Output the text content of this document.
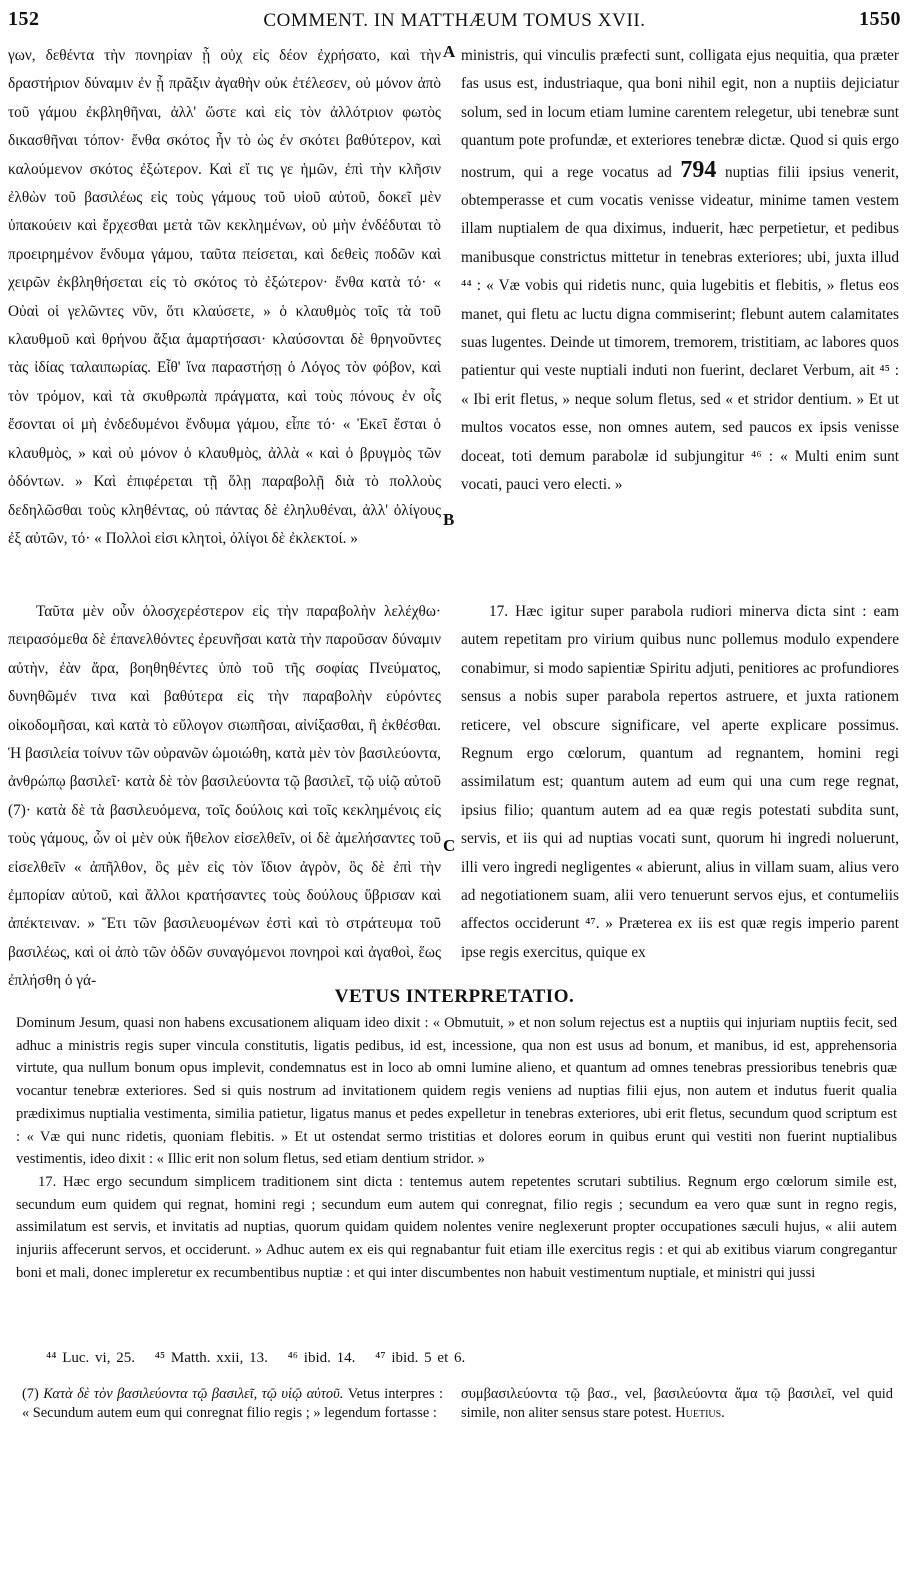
152	COMMENT. IN MATTHÆUM TOMUS XVII.	1550

γων, δεθέντα τὴν πονηρίαν ᾗ οὐχ εἰς δέον ἐχρήσατο, καὶ τὴν δραστήριον δύναμιν ἐν ᾗ πρᾶξιν ἀγαθὴν οὐκ ἐτέλεσεν, οὐ μόνον ἀπὸ τοῦ γάμου ἐκβληθῆναι, ἀλλ' ὥστε καὶ εἰς τὸν ἀλλότριον φωτὸς δικασθῆναι τόπον· ἔνθα σκότος ἦν τὸ ὡς ἐν σκότει βαθύτερον, καὶ καλούμενον σκότος ἐξώτερον. Καὶ εἴ τις γε ἡμῶν, ἐπὶ τὴν κλῆσιν ἐλθὼν τοῦ βασιλέως εἰς τοὺς γάμους τοῦ υἱοῦ αὐτοῦ, δοκεῖ μὲν ὑπακούειν καὶ ἔρχεσθαι μετὰ τῶν κεκλημένων, οὐ μὴν ἐνδέδυται τὸ προειρημένον ἔνδυμα γάμου, ταῦτα πείσεται, καὶ δεθεὶς ποδῶν καὶ χειρῶν ἐκβληθήσεται εἰς τὸ σκότος τὸ ἐξώτερον· ἔνθα κατὰ τό· « Οὐαὶ οἱ γελῶντες νῦν, ὅτι κλαύσετε, » ὁ κλαυθμὸς τοῖς τὰ τοῦ κλαυθμοῦ καὶ θρήνου ἄξια ἁμαρτήσασι· κλαύσονται δὲ θρηνοῦντες τὰς ἰδίας ταλαιπωρίας. Εἶθ' ἵνα παραστήσῃ ὁ Λόγος τὸν φόβον, καὶ τὸν τρόμον, καὶ τὰ σκυθρωπὰ πράγματα, καὶ τοὺς πόνους ἐν οἷς ἔσονται οἱ μὴ ἐνδεδυμένοι ἔνδυμα γάμου, εἶπε τό· « Ἐκεῖ ἔσται ὁ κλαυθμὸς, » καὶ οὐ μόνον ὁ κλαυθμὸς, ἀλλὰ « καὶ ὁ βρυγμὸς τῶν ὀδόντων. » Καὶ ἐπιφέρεται τῇ ὅλῃ παραβολῇ διὰ τὸ πολλοὺς δεδηλῶσθαι τοὺς κληθέντας, οὐ πάντας δὲ ἐληλυθέναι, ἀλλ' ὀλίγους ἐξ αὐτῶν, τό· « Πολλοὶ εἰσι κλητοὶ, ὀλίγοι δὲ ἐκλεκτοί. »

ministris, qui vinculis præfecti sunt, colligata ejus nequitia, qua præter fas usus est, industriaque, qua boni nihil egit, non a nuptiis dejiciatur solum, sed in locum etiam lumine carentem relegetur, ubi tenebræ sunt quantum pote profundæ, et exteriores tenebræ dictæ. Quod si quis ergo nostrum, qui a rege vocatus ad 794 nuptias filii ipsius venerit, obtemperasse et cum vocatis venisse videatur, minime tamen vestem illam nuptialem de qua diximus, induerit, hæc perpetietur, et pedibus manibusque constrictus mittetur in tenebras exteriores; ubi, juxta illud ⁴⁴ : « Væ vobis qui ridetis nunc, quia lugebitis et flebitis, » fletus eos manet, qui fletu ac luctu digna commiserint; flebunt autem calamitates suas lugentes. Deinde ut timorem, tremorem, tristitiam, ac labores quos patientur qui veste nuptiali induti non fuerint, declaret Verbum, ait ⁴⁵ : « Ibi erit fletus, » neque solum fletus, sed « et stridor dentium. » Et ut multos vocatos esse, non omnes autem, sed paucos ex ipsis venisse doceat, toti demum parabolæ id subjungitur ⁴⁶ : « Multi enim sunt vocati, pauci vero electi. »

A
B
C

Ταῦτα μὲν οὖν ὁλοσχερέστερον εἰς τὴν παραβολὴν λελέχθω· πειρασόμεθα δὲ ἐπανελθόντες ἐρευνῆσαι κατὰ τὴν παροῦσαν δύναμιν αὐτὴν, ἐὰν ἄρα, βοηθηθέντες ὑπὸ τοῦ τῆς σοφίας Πνεύματος, δυνηθῶμέν τινα καὶ βαθύτερα εἰς τὴν παραβολὴν εὑρόντες οἰκοδομῆσαι, καὶ κατὰ τὸ εὔλογον σιωπῆσαι, αἰνίξασθαι, ἢ ἐκθέσθαι. Ἡ βασιλεία τοίνυν τῶν οὐρανῶν ὡμοιώθη, κατὰ μὲν τὸν βασιλεύοντα, ἀνθρώπῳ βασιλεῖ· κατὰ δὲ τὸν βασιλεύοντα τῷ βασιλεῖ, τῷ υἱῷ αὐτοῦ (7)· κατὰ δὲ τὰ βασιλευόμενα, τοῖς δούλοις καὶ τοῖς κεκλημένοις εἰς τοὺς γάμους, ὧν οἱ μὲν οὐκ ἤθελον εἰσελθεῖν, οἱ δὲ ἀμελήσαντες τοῦ εἰσελθεῖν « ἀπῆλθον, ὃς μὲν εἰς τὸν ἴδιον ἀγρὸν, ὃς δὲ ἐπὶ τὴν ἐμπορίαν αὐτοῦ, καὶ ἄλλοι κρατήσαντες τοὺς δούλους ὕβρισαν καὶ ἀπέκτειναν. » Ἔτι τῶν βασιλευομένων ἐστὶ καὶ τὸ στράτευμα τοῦ βασιλέως, καὶ οἱ ἀπὸ τῶν ὁδῶν συναγόμενοι πονηροὶ καὶ ἀγαθοὶ, ἕως ἐπλήσθη ὁ γά-

17. Hæc igitur super parabola rudiori minerva dicta sint : eam autem repetitam pro virium quibus nunc pollemus modulo expendere conabimur, si modo sapientiæ Spiritu adjuti, penitiores ac profundiores sensus a nobis super parabola repertos astruere, et juxta rationem reticere, vel obscure significare, vel aperte explicare possimus. Regnum ergo cœlorum, quantum ad regnantem, homini regi assimilatum est; quantum autem ad eum qui una cum rege regnat, ipsius filio; quantum autem ad ea quæ regis potestati subdita sunt, servis, et iis qui ad nuptias vocati sunt, quorum hi ingredi noluerunt, illi vero ingredi negligentes « abierunt, alius in villam suam, alius vero ad negotiationem suam, alii vero tenuerunt servos ejus, et contumeliis affectos occiderunt ⁴⁷. » Præterea ex iis est quæ regis imperio parent ipse regis exercitus, quique ex

VETUS INTERPRETATIO.

Dominum Jesum, quasi non habens excusationem aliquam ideo dixit : « Obmutuit, » et non solum rejectus est a nuptiis qui injuriam nuptiis fecit, sed adhuc a ministris regis super vincula constitutis, ligatis pedibus, id est, incessione, qua non est usus ad bonum, et manibus, id est, apprehensoria virtute, qua nullum bonum opus implevit, condemnatus est in loco ab omni lumine alieno, et quantum ad omnes tenebras pressioribus tenebris quæ vocantur tenebræ exteriores. Sed si quis nostrum ad invitationem quidem regis veniens ad nuptias filii ejus, non autem et indutus fuerit qualia prædiximus nuptialia vestimenta, similia patietur, ligatus manus et pedes expelletur in tenebras exteriores, ubi erit fletus, secundum quod scriptum est : « Væ qui nunc ridetis, quoniam flebitis. » Et ut ostendat sermo tristitias et dolores eorum in quibus erunt qui vestiti non fuerint nuptialibus vestimentis, ideo dixit : « Illic erit non solum fletus, sed etiam dentium stridor. »

17. Hæc ergo secundum simplicem traditionem sint dicta : tentemus autem repetentes scrutari subtilius. Regnum ergo cœlorum simile est, secundum eum quidem qui regnat, homini regi ; secundum eum autem qui conregnat, filio regis ; secundum ea vero quæ sunt in regno regis, assimilatum est servis, et invitatis ad nuptias, quorum quidam quidem nolentes venire neglexerunt propter occupationes sæculi hujus, « alii autem injuriis affecerunt servos, et occiderunt. » Adhuc autem ex eis qui regnabantur fuit etiam ille exercitus regis : et qui ab exitibus viarum congregantur boni et mali, donec impleretur ex recumbentibus nuptiæ : et qui inter discumbentes non habuit vestimentum nuptiale, et ministri qui jussi

⁴⁴ Luc. vi, 25. ⁴⁵ Matth. xxii, 13. ⁴⁶ ibid. 14. ⁴⁷ ibid. 5 et 6.
(7) Κατὰ δὲ τὸν βασιλεύοντα τῷ βασιλεῖ, τῷ υἱῷ αὐτοῦ. Vetus interpres : « Secundum autem eum qui conregnat filio regis ; » legendum fortasse :
συμβασιλεύοντα τῷ βασ., vel, βασιλεύοντα ἅμα τῷ βασιλεῖ, vel quid simile, non aliter sensus stare potest. Huetius.
